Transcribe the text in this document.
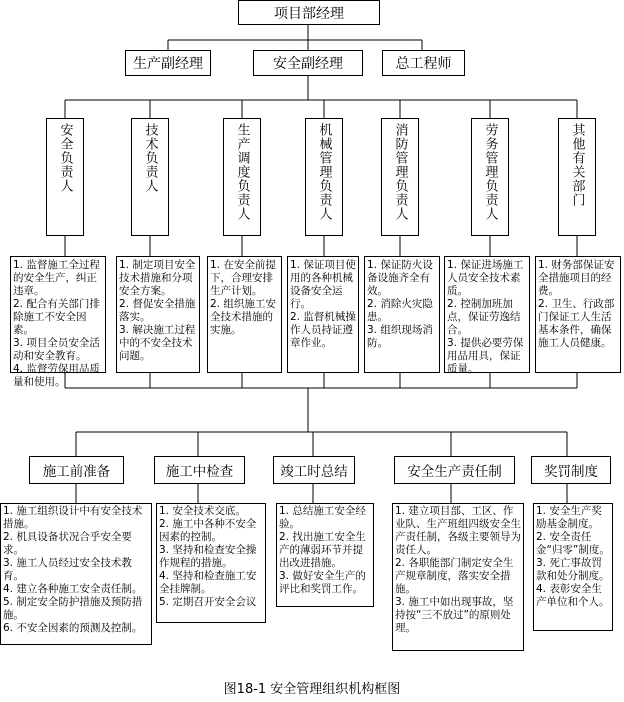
项目部经理
生产副经理	安全副经理	总工程师
安全负责人	技术负责人	生产调度负责人	机械管理负责人	消防管理负责人	劳务管理负责人	其他有关部门
1. 监督施工全过程的安全生产，纠正违章。
2. 配合有关部门排除施工不安全因素。
3. 项目全员安全活动和安全教育。
4. 监督劳保用品质量和使用。
1. 制定项目安全技术措施和分项安全方案。
2. 督促安全措施落实。
3. 解决施工过程中的不安全技术问题。
1. 在安全前提下，合理安排生产计划。
2. 组织施工安全技术措施的实施。
1. 保证项目使用的各种机械设备安全运行。
2. 监督机械操作人员持证遵章作业。
1. 保证防火设备设施齐全有效。
2. 消除火灾隐患。
3. 组织现场消防。
1. 保证进场施工人员安全技术素质。
2. 控制加班加点，保证劳逸结合。
3. 提供必要劳保用品用具，保证质量。
1. 财务部保证安全措施项目的经费。
2. 卫生、行政部门保证工人生活基本条件，确保施工人员健康。
施工前准备	施工中检查	竣工时总结	安全生产责任制	奖罚制度
1. 施工组织设计中有安全技术措施。
2. 机具设备状况合乎安全要求。
3. 施工人员经过安全技术教育。
4. 建立各种施工安全责任制。
5. 制定安全防护措施及预防措施。
6. 不安全因素的预测及控制。
1. 安全技术交底。
2. 施工中各种不安全因素的控制。
3. 坚持和检查安全操作规程的措施。
4. 坚持和检查施工安全挂牌制。
5. 定期召开安全会议
1. 总结施工安全经验。
2. 找出施工安全生产的薄弱环节并提出改进措施。
3. 做好安全生产的评比和奖罚工作。
1. 建立项目部、工区、作业队、生产班组四级安全生产责任制，各级主要领导为责任人。
2. 各职能部门制定安全生产规章制度，落实安全措施。
3. 施工中如出现事故，坚持按“三不放过”的原则处理。
1. 安全生产奖励基金制度。
2. 安全责任金“归零”制度。
3. 死亡事故罚款和处分制度。
4. 表彰安全生产单位和个人。
图18-1 安全管理组织机构框图
